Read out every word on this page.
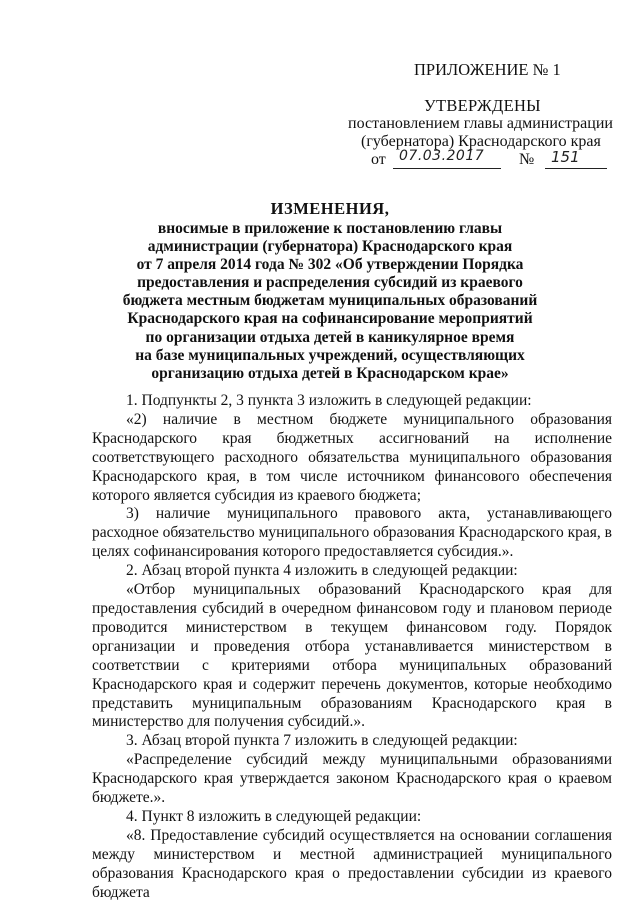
ПРИЛОЖЕНИЕ № 1
УТВЕРЖДЕНЫ
постановлением главы администрации
(губернатора) Краснодарского края
от 07.03.2017 № 151
ИЗМЕНЕНИЯ,
вносимые в приложение к постановлению главы
администрации (губернатора) Краснодарского края
от 7 апреля 2014 года № 302 «Об утверждении Порядка
предоставления и распределения субсидий из краевого
бюджета местным бюджетам муниципальных образований
Краснодарского края на софинансирование мероприятий
по организации отдыха детей в каникулярное время
на базе муниципальных учреждений, осуществляющих
организацию отдыха детей в Краснодарском крае»

1. Подпункты 2, 3 пункта 3 изложить в следующей редакции:

«2) наличие в местном бюджете муниципального образования Краснодарского края бюджетных ассигнований на исполнение соответствующего расходного обязательства муниципального образования Краснодарского края, в том числе источником финансового обеспечения которого является субсидия из краевого бюджета;

3) наличие муниципального правового акта, устанавливающего расходное обязательство муниципального образования Краснодарского края, в целях софинансирования которого предоставляется субсидия.».

2. Абзац второй пункта 4 изложить в следующей редакции:

«Отбор муниципальных образований Краснодарского края для предоставления субсидий в очередном финансовом году и плановом периоде проводится министерством в текущем финансовом году. Порядок организации и проведения отбора устанавливается министерством в соответствии с критериями отбора муниципальных образований Краснодарского края и содержит перечень документов, которые необходимо представить муниципальным образованиям Краснодарского края в министерство для получения субсидий.».

3. Абзац второй пункта 7 изложить в следующей редакции:

«Распределение субсидий между муниципальными образованиями Краснодарского края утверждается законом Краснодарского края о краевом бюджете.».

4. Пункт 8 изложить в следующей редакции:

«8. Предоставление субсидий осуществляется на основании соглашения между министерством и местной администрацией муниципального образования Краснодарского края о предоставлении субсидии из краевого бюджета
